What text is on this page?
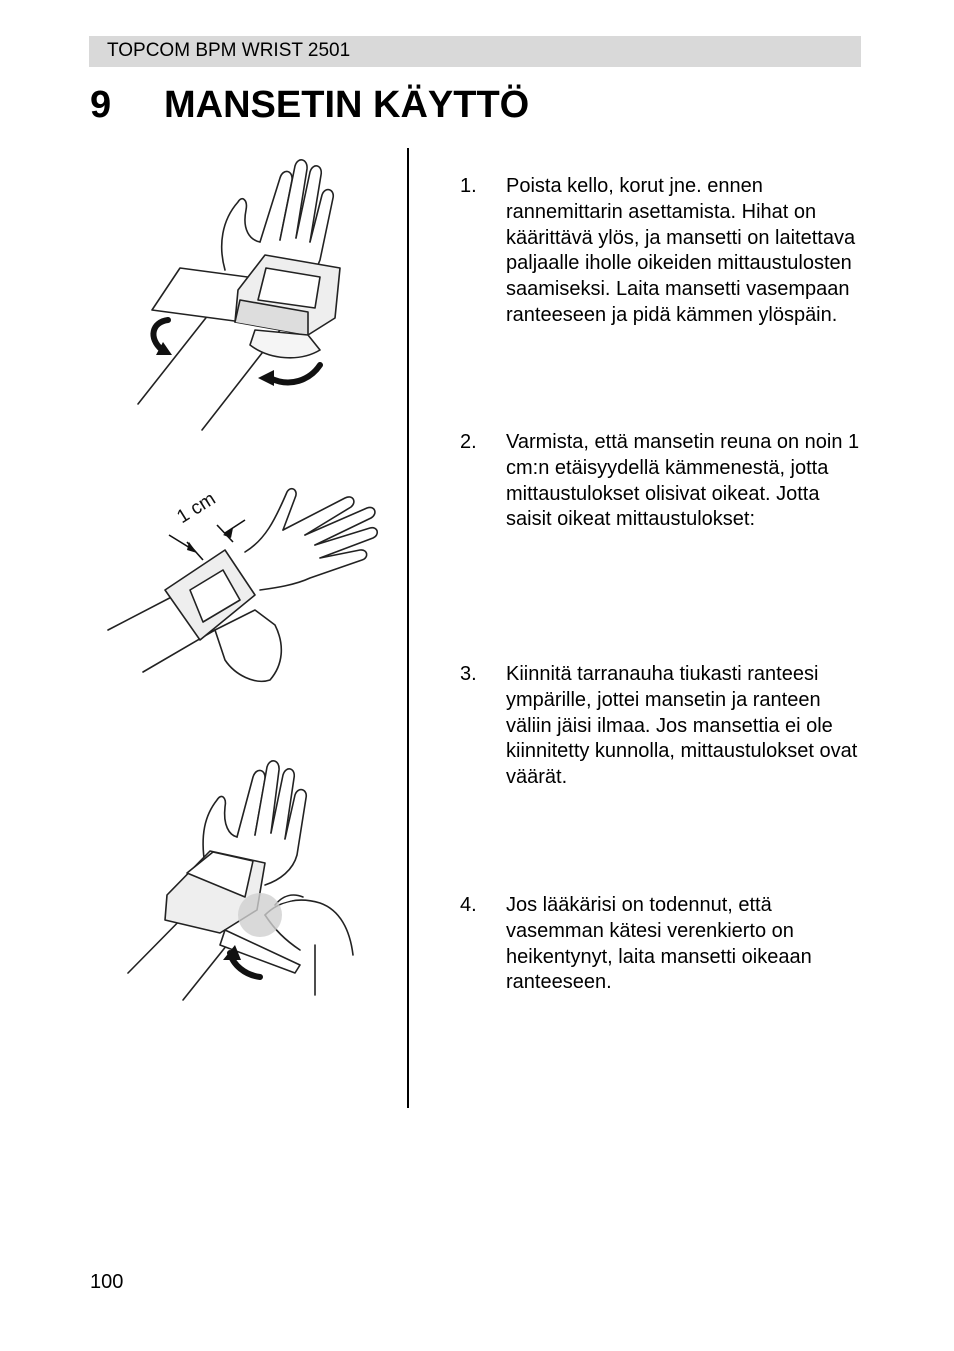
TOPCOM BPM WRIST 2501
9 MANSETIN KÄYTTÖ
1 cm
1. Poista kello, korut jne. ennen rannemittarin asettamista. Hihat on käärittävä ylös, ja mansetti on laitettava paljaalle iholle oikeiden mittaustulosten saamiseksi. Laita mansetti vasempaan ranteeseen ja pidä kämmen ylöspäin.
2. Varmista, että mansetin reuna on noin 1 cm:n etäisyydellä kämmenestä, jotta mittaustulokset olisivat oikeat. Jotta saisit oikeat mittaustulokset:
3. Kiinnitä tarranauha tiukasti ranteesi ympärille, jottei mansetin ja ranteen väliin jäisi ilmaa. Jos mansettia ei ole kiinnitetty kunnolla, mittaustulokset ovat väärät.
4. Jos lääkärisi on todennut, että vasemman kätesi verenkierto on heikentynyt, laita mansetti oikeaan ranteeseen.
100
